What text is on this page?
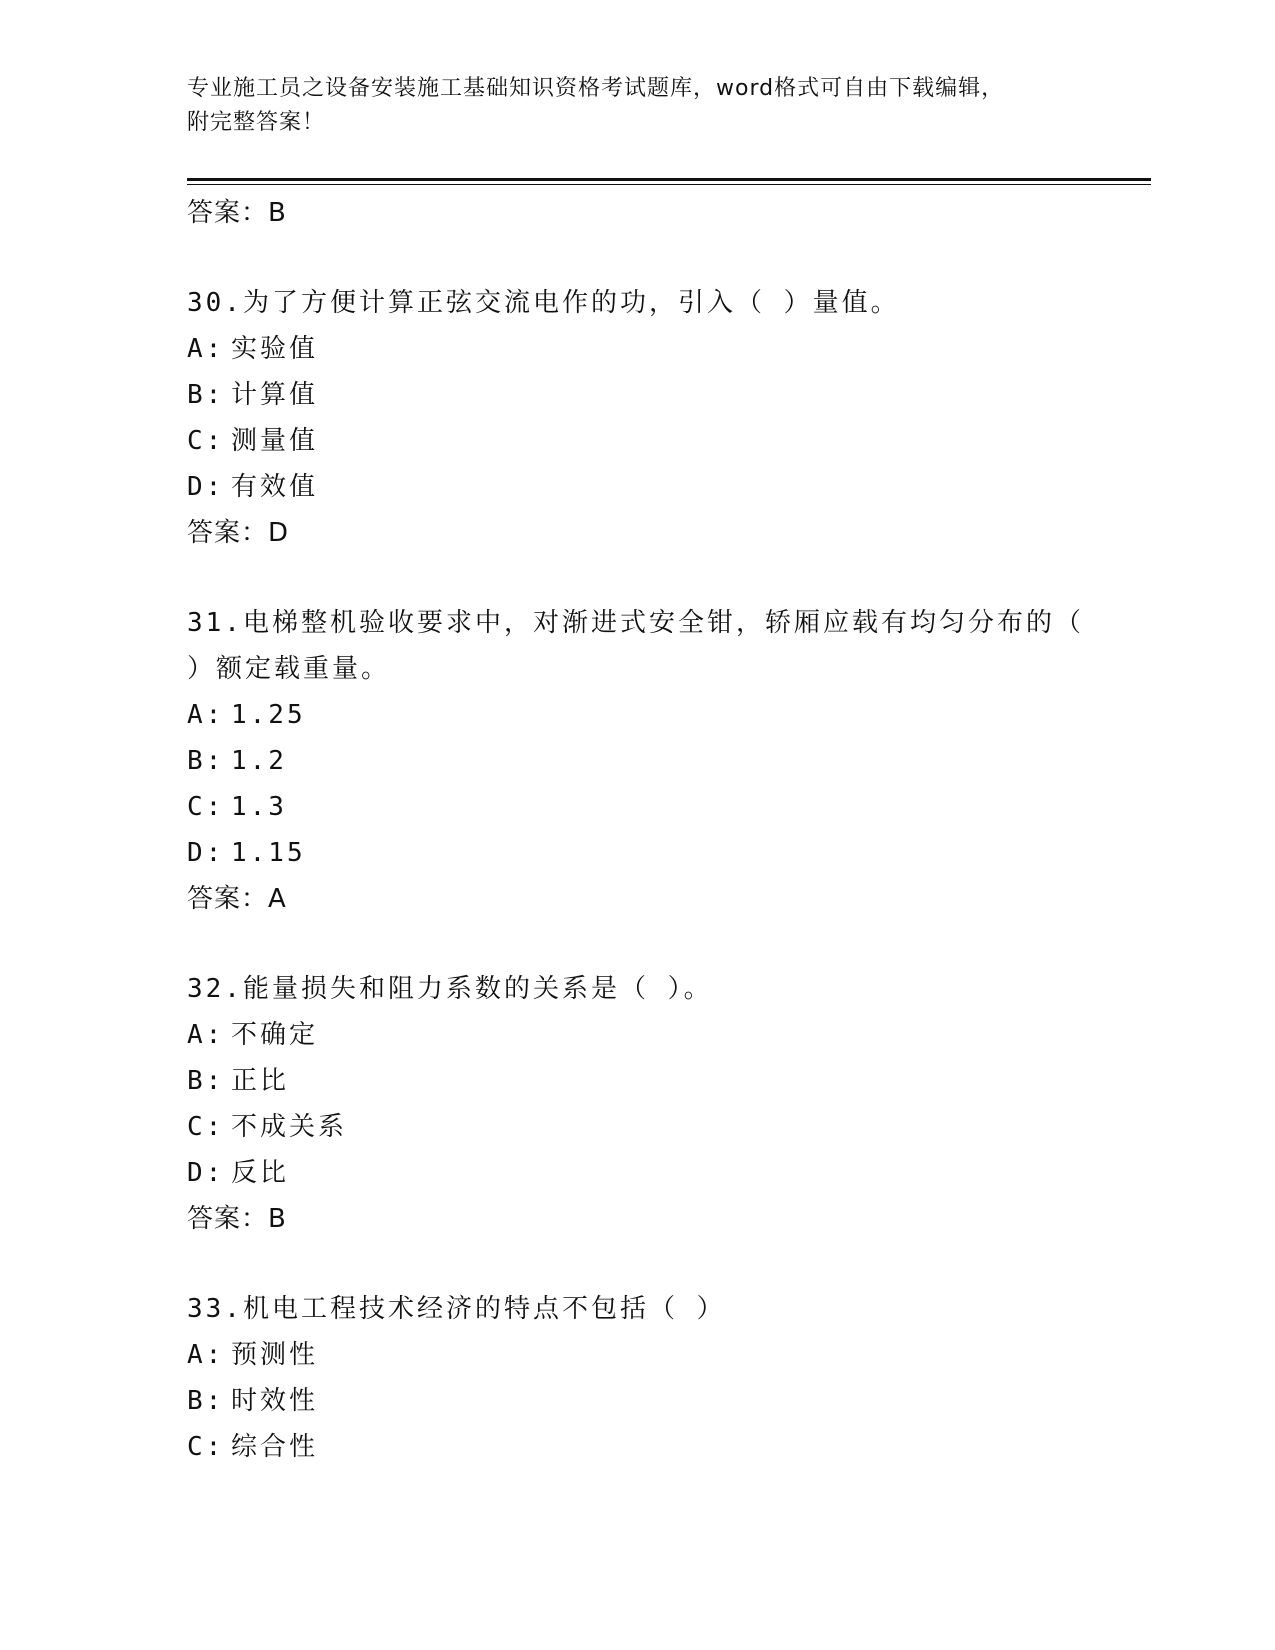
专业施工员之设备安装施工基础知识资格考试题库，word格式可自由下载编辑，
附完整答案！
答案：B
30.为了方便计算正弦交流电作的功，引入（ ）量值。
A: 实验值
B: 计算值
C: 测量值
D: 有效值
答案：D
31.电梯整机验收要求中，对渐进式安全钳，轿厢应载有均匀分布的（ ）额定载重量。
A: 1.25
B: 1.2
C: 1.3
D: 1.15
答案：A
32.能量损失和阻力系数的关系是（ ）。
A: 不确定
B: 正比
C: 不成关系
D: 反比
答案：B
33.机电工程技术经济的特点不包括（ ）
A: 预测性
B: 时效性
C: 综合性
